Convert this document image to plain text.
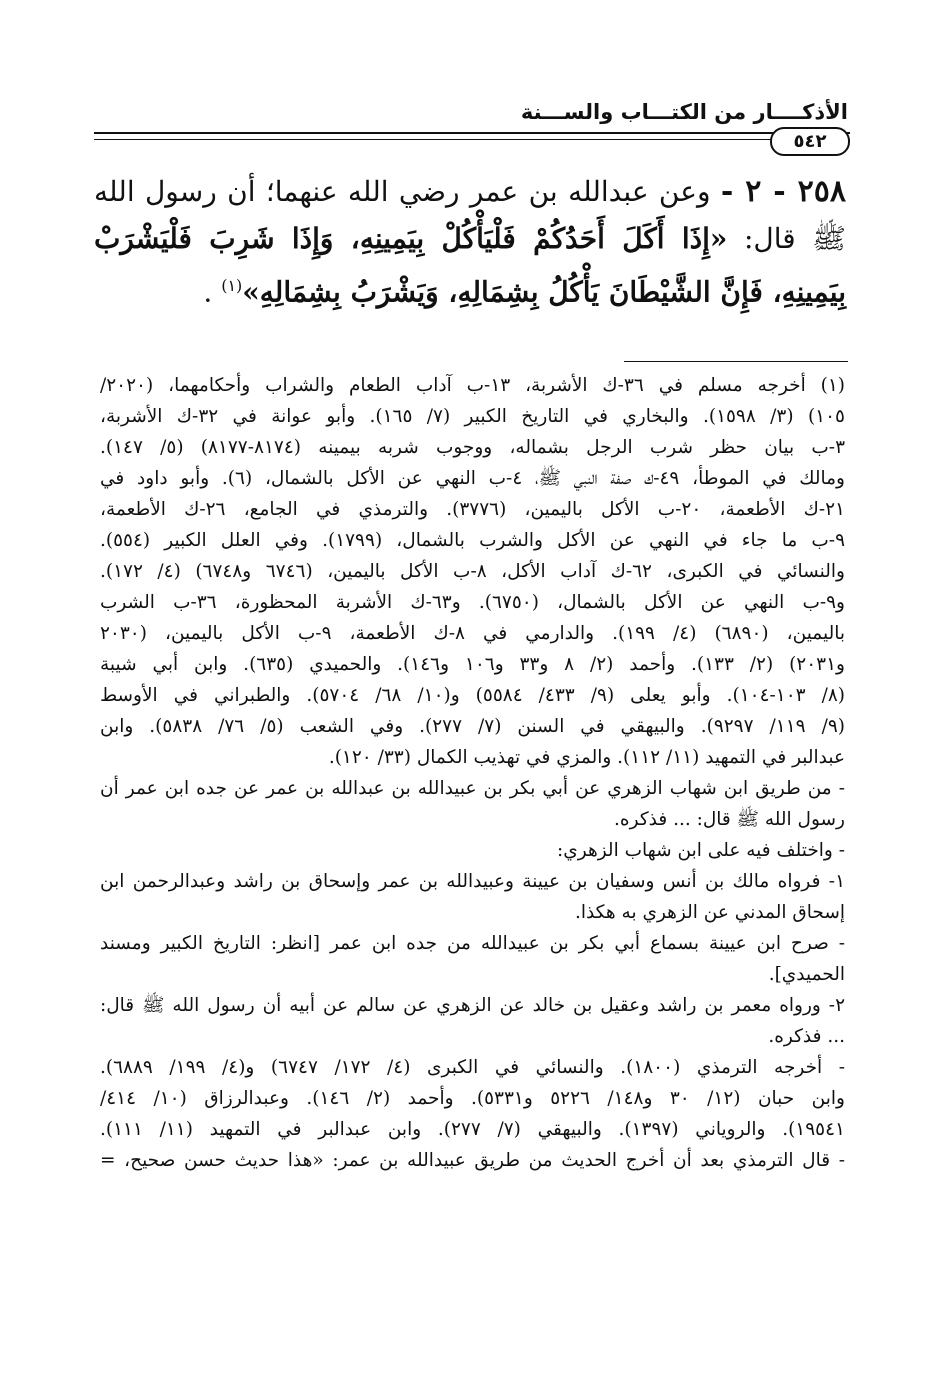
الأذكــــار من الكتـــاب والســـنة
٥٤٢
٢٥٨ - ٢ - وعن عبدالله بن عمر رضي الله عنهما؛ أن رسول الله ﷺ قال: «إِذَا أَكَلَ أَحَدُكُمْ فَلْيَأْكُلْ بِيَمِينِهِ، وَإِذَا شَرِبَ فَلْيَشْرَبْ بِيَمِينِهِ، فَإِنَّ الشَّيْطَانَ يَأْكُلُ بِشِمَالِهِ، وَيَشْرَبُ بِشِمَالِهِ»$^{(١)}$ .
(١) أخرجه مسلم في ٣٦-ك الأشربة، ١٣-ب آداب الطعام والشراب وأحكامهما، (٢٠٢٠/
١٠٥) (٣/ ١٥٩٨). والبخاري في التاريخ الكبير (٧/ ١٦٥). وأبو عوانة في ٣٢-ك الأشربة،
٣-ب بيان حظر شرب الرجل بشماله، ووجوب شربه بيمينه (٨١٧٤-٨١٧٧) (٥/ ١٤٧).
ومالك في الموطأ، ٤٩-ك صفة النبي ﷺ، ٤-ب النهي عن الأكل بالشمال، (٦). وأبو داود في
٢١-ك الأطعمة، ٢٠-ب الأكل باليمين، (٣٧٧٦). والترمذي في الجامع، ٢٦-ك الأطعمة،
٩-ب ما جاء في النهي عن الأكل والشرب بالشمال، (١٧٩٩). وفي العلل الكبير (٥٥٤).
والنسائي في الكبرى، ٦٢-ك آداب الأكل، ٨-ب الأكل باليمين، (٦٧٤٦ و٦٧٤٨) (٤/ ١٧٢).
و٩-ب النهي عن الأكل بالشمال، (٦٧٥٠). و٦٣-ك الأشربة المحظورة، ٣٦-ب الشرب
باليمين، (٦٨٩٠) (٤/ ١٩٩). والدارمي في ٨-ك الأطعمة، ٩-ب الأكل باليمين، (٢٠٣٠
و٢٠٣١) (٢/ ١٣٣). وأحمد (٢/ ٨ و٣٣ و١٠٦ و١٤٦). والحميدي (٦٣٥). وابن أبي شيبة
(٨/ ١٠٣-١٠٤). وأبو يعلى (٩/ ٤٣٣/ ٥٥٨٤) و(١٠/ ٦٨/ ٥٧٠٤). والطبراني في الأوسط
(٩/ ١١٩/ ٩٢٩٧). والبيهقي في السنن (٧/ ٢٧٧). وفي الشعب (٥/ ٧٦/ ٥٨٣٨). وابن
عبدالبر في التمهيد (١١/ ١١٢). والمزي في تهذيب الكمال (٣٣/ ١٢٠).
- من طريق ابن شهاب الزهري عن أبي بكر بن عبيدالله بن عبدالله بن عمر عن جده ابن عمر أن
رسول الله ﷺ قال: ... فذكره.
- واختلف فيه على ابن شهاب الزهري:
١- فرواه مالك بن أنس وسفيان بن عيينة وعبيدالله بن عمر وإسحاق بن راشد وعبدالرحمن ابن
إسحاق المدني عن الزهري به هكذا.
- صرح ابن عيينة بسماع أبي بكر بن عبيدالله من جده ابن عمر [انظر: التاريخ الكبير ومسند
الحميدي].
٢- ورواه معمر بن راشد وعقيل بن خالد عن الزهري عن سالم عن أبيه أن رسول الله ﷺ قال:
... فذكره.
- أخرجه الترمذي (١٨٠٠). والنسائي في الكبرى (٤/ ١٧٢/ ٦٧٤٧) و(٤/ ١٩٩/ ٦٨٨٩).
وابن حبان (١٢/ ٣٠ و١٤٨/ ٥٢٢٦ و٥٣٣١). وأحمد (٢/ ١٤٦). وعبدالرزاق (١٠/ ٤١٤/
١٩٥٤١). والروياني (١٣٩٧). والبيهقي (٧/ ٢٧٧). وابن عبدالبر في التمهيد (١١/ ١١١).
- قال الترمذي بعد أن أخرج الحديث من طريق عبيدالله بن عمر: «هذا حديث حسن صحيح، =
